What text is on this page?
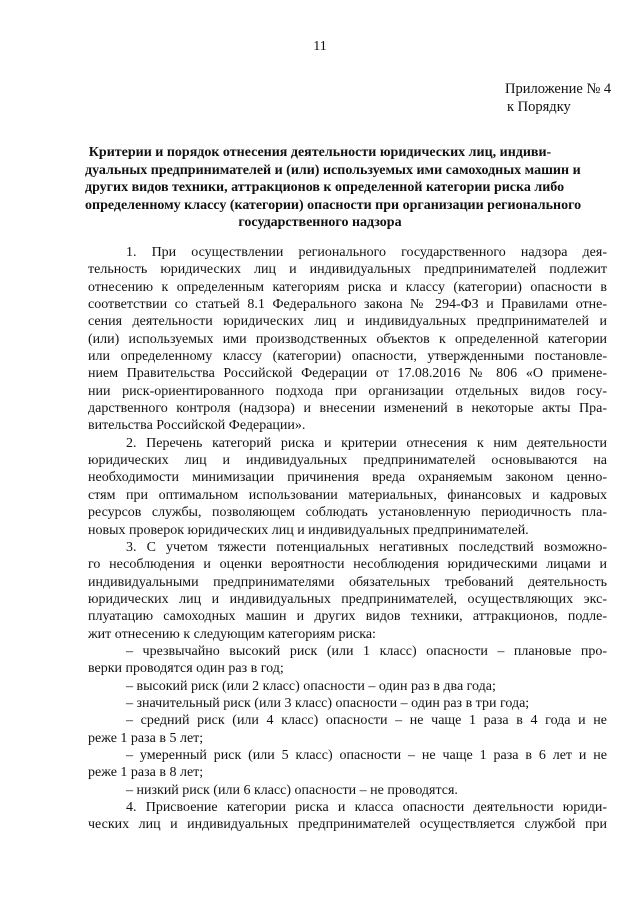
11
Приложение № 4
к Порядку
Критерии и порядок отнесения деятельности юридических лиц, индиви-
дуальных предпринимателей и (или) используемых ими самоходных машин и
других видов техники, аттракционов к определенной категории риска либо
определенному классу (категории) опасности при организации регионального
государственного надзора
1. При осуществлении регионального государственного надзора дея-
тельность юридических лиц и индивидуальных предпринимателей подлежит
отнесению к определенным категориям риска и классу (категории) опасности в
соответствии со статьей 8.1 Федерального закона № 294-ФЗ и Правилами отне-
сения деятельности юридических лиц и индивидуальных предпринимателей и
(или) используемых ими производственных объектов к определенной категории
или определенному классу (категории) опасности, утвержденными постановле-
нием Правительства Российской Федерации от 17.08.2016 № 806 «О примене-
нии риск-ориентированного подхода при организации отдельных видов госу-
дарственного контроля (надзора) и внесении изменений в некоторые акты Пра-
вительства Российской Федерации».
2. Перечень категорий риска и критерии отнесения к ним деятельности
юридических лиц и индивидуальных предпринимателей основываются на
необходимости минимизации причинения вреда охраняемым законом ценно-
стям при оптимальном использовании материальных, финансовых и кадровых
ресурсов службы, позволяющем соблюдать установленную периодичность пла-
новых проверок юридических лиц и индивидуальных предпринимателей.
3. С учетом тяжести потенциальных негативных последствий возможно-
го несоблюдения и оценки вероятности несоблюдения юридическими лицами и
индивидуальными предпринимателями обязательных требований деятельность
юридических лиц и индивидуальных предпринимателей, осуществляющих экс-
плуатацию самоходных машин и других видов техники, аттракционов, подле-
жит отнесению к следующим категориям риска:
– чрезвычайно высокий риск (или 1 класс) опасности – плановые про-
верки проводятся один раз в год;
– высокий риск (или 2 класс) опасности – один раз в два года;
– значительный риск (или 3 класс) опасности – один раз в три года;
– средний риск (или 4 класс) опасности – не чаще 1 раза в 4 года и не
реже 1 раза в 5 лет;
– умеренный риск (или 5 класс) опасности – не чаще 1 раза в 6 лет и не
реже 1 раза в 8 лет;
– низкий риск (или 6 класс) опасности – не проводятся.
4. Присвоение категории риска и класса опасности деятельности юриди-
ческих лиц и индивидуальных предпринимателей осуществляется службой при
